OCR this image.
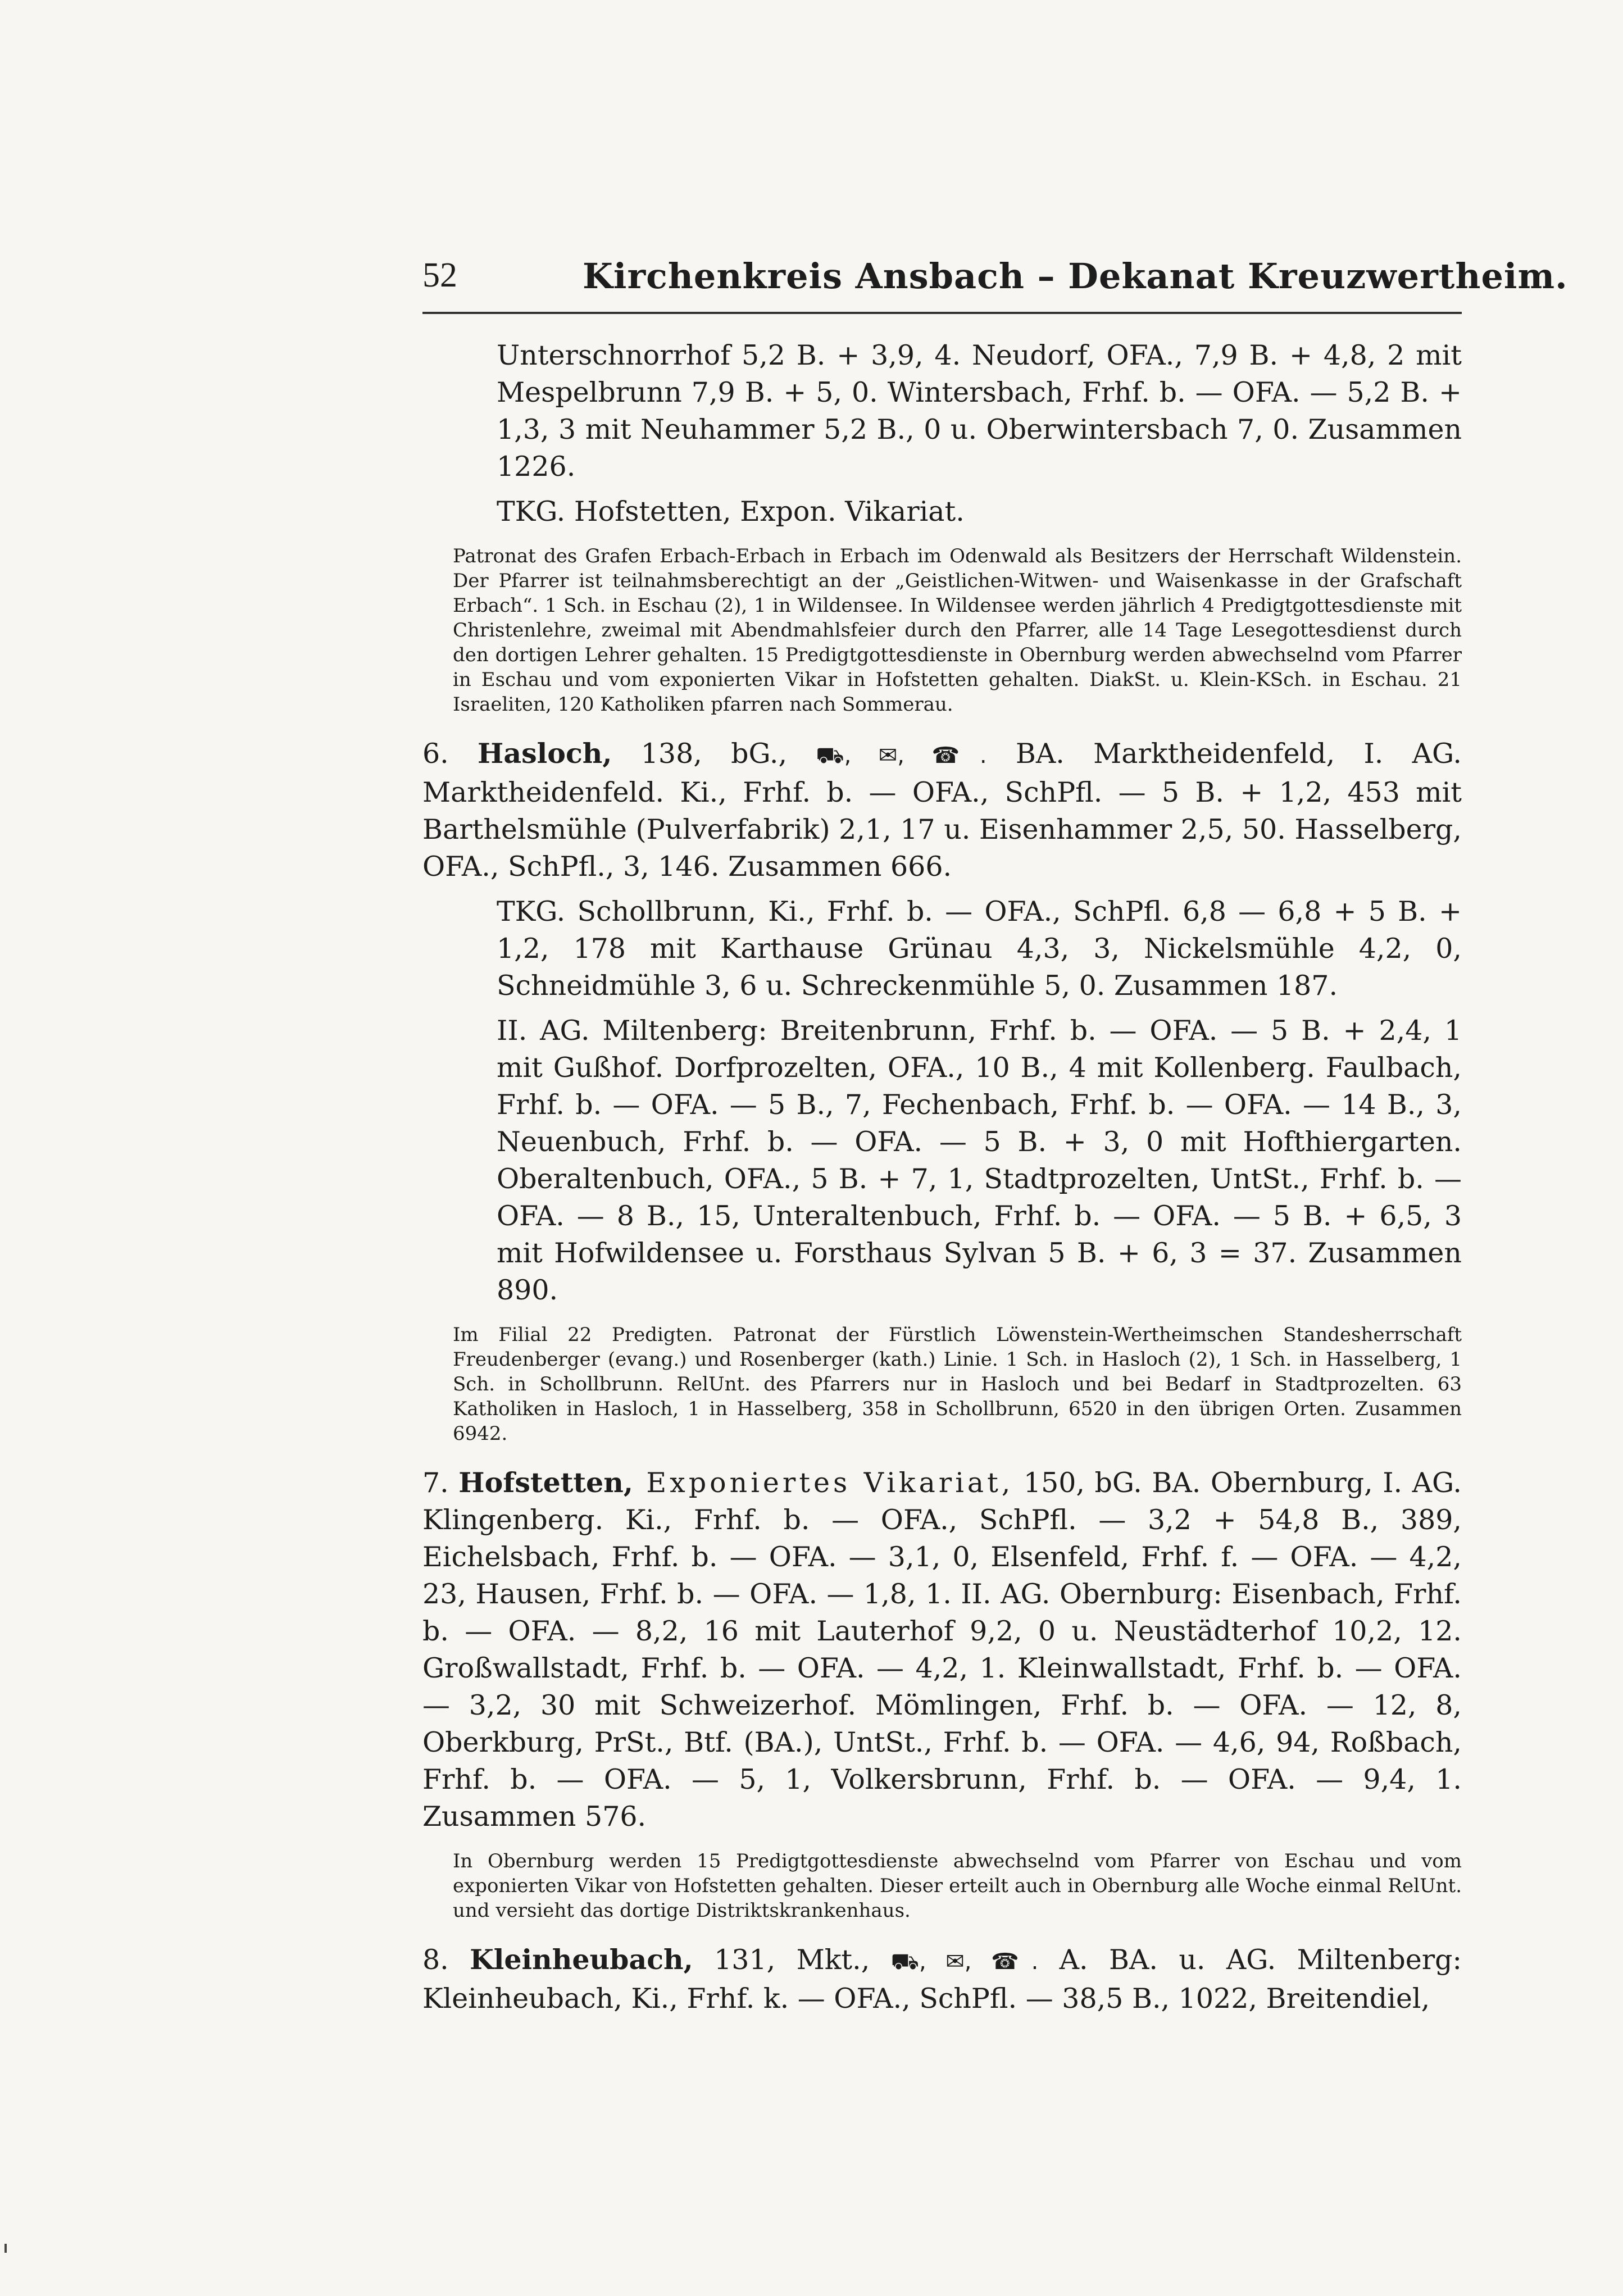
52	Kirchenkreis Ansbach – Dekanat Kreuzwertheim.

Unterschnorrhof 5,2 B. + 3,9, 4. Neudorf, OFA., 7,9 B. + 4,8, 2 mit Mespelbrunn 7,9 B. + 5, 0. Wintersbach, Frhf. b. — OFA. — 5,2 B. + 1,3, 3 mit Neuhammer 5,2 B., 0 u. Oberwintersbach 7, 0. Zusammen 1226.

TKG. Hofstetten, Expon. Vikariat.

Patronat des Grafen Erbach-Erbach in Erbach im Odenwald als Besitzers der Herrschaft Wildenstein. Der Pfarrer ist teilnahmsberechtigt an der „Geistlichen-Witwen- und Waisenkasse in der Grafschaft Erbach“. 1 Sch. in Eschau (2), 1 in Wildensee. In Wildensee werden jährlich 4 Predigtgottesdienste mit Christenlehre, zweimal mit Abendmahlsfeier durch den Pfarrer, alle 14 Tage Lesegottesdienst durch den dortigen Lehrer gehalten. 15 Predigtgottesdienste in Obernburg werden abwechselnd vom Pfarrer in Eschau und vom exponierten Vikar in Hofstetten gehalten. DiakSt. u. Klein-KSch. in Eschau. 21 Israeliten, 120 Katholiken pfarren nach Sommerau.

6. Hasloch, 138, bG., ⛟, ✉, ☎. BA. Marktheidenfeld, I. AG. Marktheidenfeld. Ki., Frhf. b. — OFA., SchPfl. — 5 B. + 1,2, 453 mit Barthelsmühle (Pulverfabrik) 2,1, 17 u. Eisenhammer 2,5, 50. Hasselberg, OFA., SchPfl., 3, 146. Zusammen 666.

TKG. Schollbrunn, Ki., Frhf. b. — OFA., SchPfl. 6,8 — 6,8 + 5 B. + 1,2, 178 mit Karthause Grünau 4,3, 3, Nickelsmühle 4,2, 0, Schneidmühle 3, 6 u. Schreckenmühle 5, 0. Zusammen 187.

II. AG. Miltenberg: Breitenbrunn, Frhf. b. — OFA. — 5 B. + 2,4, 1 mit Gußhof. Dorfprozelten, OFA., 10 B., 4 mit Kollenberg. Faulbach, Frhf. b. — OFA. — 5 B., 7, Fechenbach, Frhf. b. — OFA. — 14 B., 3, Neuenbuch, Frhf. b. — OFA. — 5 B. + 3, 0 mit Hofthiergarten. Oberaltenbuch, OFA., 5 B. + 7, 1, Stadtprozelten, UntSt., Frhf. b. — OFA. — 8 B., 15, Unteraltenbuch, Frhf. b. — OFA. — 5 B. + 6,5, 3 mit Hofwildensee u. Forsthaus Sylvan 5 B. + 6, 3 = 37. Zusammen 890.

Im Filial 22 Predigten. Patronat der Fürstlich Löwenstein-Wertheimschen Standesherrschaft Freudenberger (evang.) und Rosenberger (kath.) Linie. 1 Sch. in Hasloch (2), 1 Sch. in Hasselberg, 1 Sch. in Schollbrunn. RelUnt. des Pfarrers nur in Hasloch und bei Bedarf in Stadtprozelten. 63 Katholiken in Hasloch, 1 in Hasselberg, 358 in Schollbrunn, 6520 in den übrigen Orten. Zusammen 6942.

7. Hofstetten, Exponiertes Vikariat, 150, bG. BA. Obernburg, I. AG. Klingenberg. Ki., Frhf. b. — OFA., SchPfl. — 3,2 + 54,8 B., 389, Eichelsbach, Frhf. b. — OFA. — 3,1, 0, Elsenfeld, Frhf. f. — OFA. — 4,2, 23, Hausen, Frhf. b. — OFA. — 1,8, 1. II. AG. Obernburg: Eisenbach, Frhf. b. — OFA. — 8,2, 16 mit Lauterhof 9,2, 0 u. Neustädterhof 10,2, 12. Großwallstadt, Frhf. b. — OFA. — 4,2, 1. Kleinwallstadt, Frhf. b. — OFA. — 3,2, 30 mit Schweizerhof. Mömlingen, Frhf. b. — OFA. — 12, 8, Oberkburg, PrSt., Btf. (BA.), UntSt., Frhf. b. — OFA. — 4,6, 94, Roßbach, Frhf. b. — OFA. — 5, 1, Volkersbrunn, Frhf. b. — OFA. — 9,4, 1. Zusammen 576.

In Obernburg werden 15 Predigtgottesdienste abwechselnd vom Pfarrer von Eschau und vom exponierten Vikar von Hofstetten gehalten. Dieser erteilt auch in Obernburg alle Woche einmal RelUnt. und versieht das dortige Distriktskrankenhaus.

8. Kleinheubach, 131, Mkt., ⛟, ✉, ☎. A. BA. u. AG. Miltenberg: Kleinheubach, Ki., Frhf. k. — OFA., SchPfl. — 38,5 B., 1022, Breitendiel,
